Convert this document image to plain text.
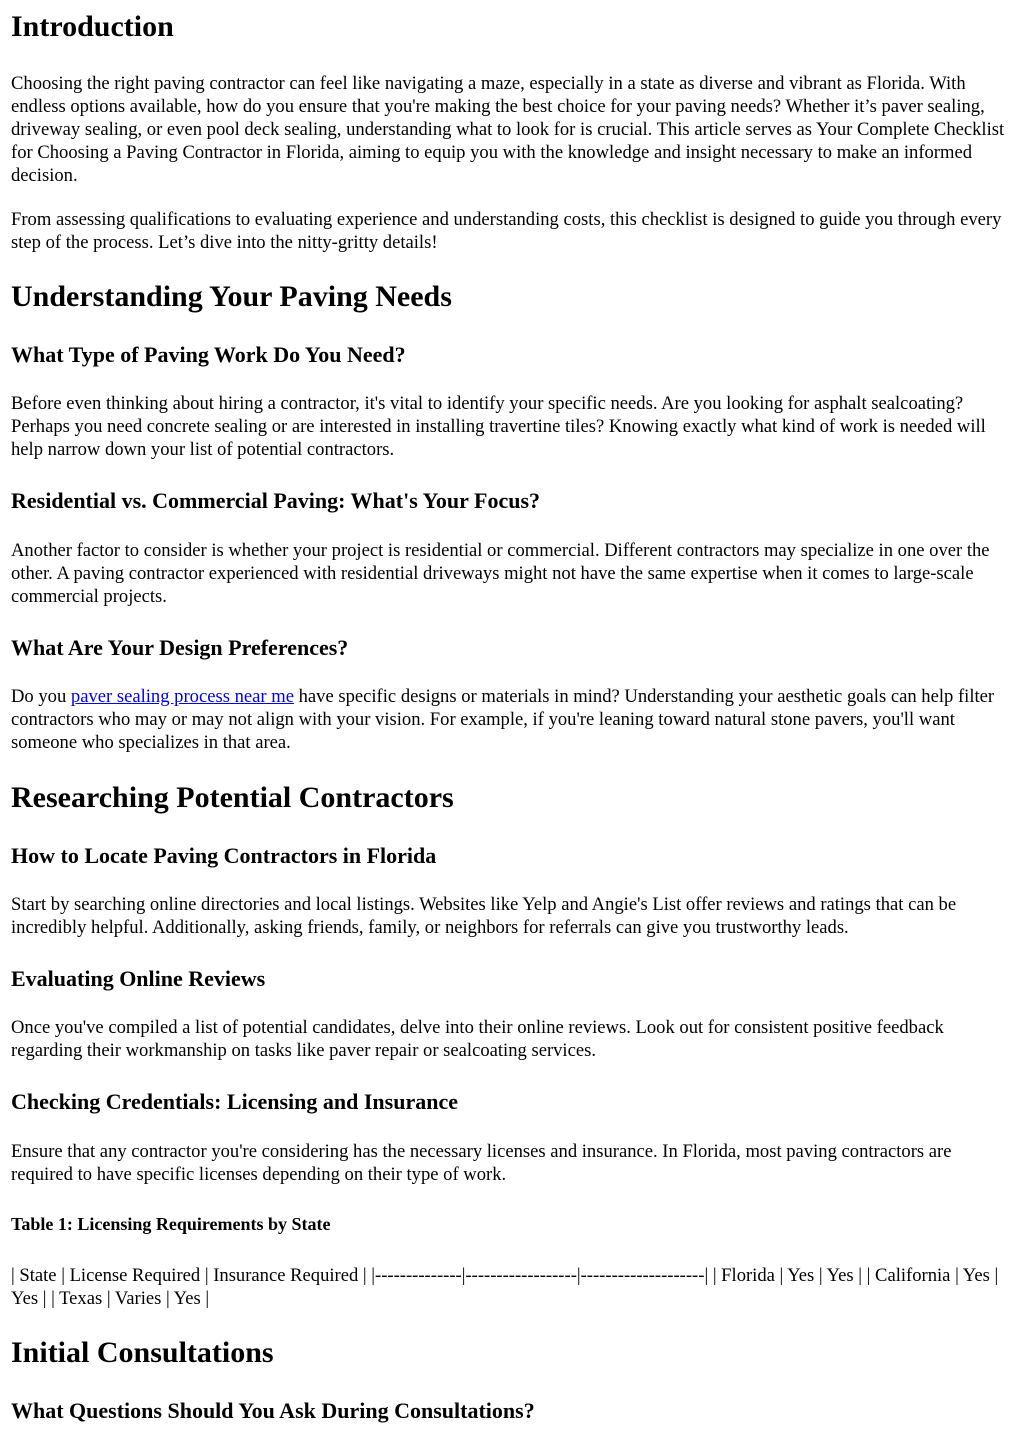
Introduction

Choosing the right paving contractor can feel like navigating a maze, especially in a state as diverse and vibrant as Florida. With endless options available, how do you ensure that you're making the best choice for your paving needs? Whether it’s paver sealing, driveway sealing, or even pool deck sealing, understanding what to look for is crucial. This article serves as Your Complete Checklist for Choosing a Paving Contractor in Florida, aiming to equip you with the knowledge and insight necessary to make an informed decision.

From assessing qualifications to evaluating experience and understanding costs, this checklist is designed to guide you through every step of the process. Let’s dive into the nitty-gritty details!

Understanding Your Paving Needs
What Type of Paving Work Do You Need?

Before even thinking about hiring a contractor, it's vital to identify your specific needs. Are you looking for asphalt sealcoating? Perhaps you need concrete sealing or are interested in installing travertine tiles? Knowing exactly what kind of work is needed will help narrow down your list of potential contractors.

Residential vs. Commercial Paving: What's Your Focus?

Another factor to consider is whether your project is residential or commercial. Different contractors may specialize in one over the other. A paving contractor experienced with residential driveways might not have the same expertise when it comes to large-scale commercial projects.

What Are Your Design Preferences?

Do you paver sealing process near me have specific designs or materials in mind? Understanding your aesthetic goals can help filter contractors who may or may not align with your vision. For example, if you're leaning toward natural stone pavers, you'll want someone who specializes in that area.

Researching Potential Contractors
How to Locate Paving Contractors in Florida

Start by searching online directories and local listings. Websites like Yelp and Angie's List offer reviews and ratings that can be incredibly helpful. Additionally, asking friends, family, or neighbors for referrals can give you trustworthy leads.

Evaluating Online Reviews

Once you've compiled a list of potential candidates, delve into their online reviews. Look out for consistent positive feedback regarding their workmanship on tasks like paver repair or sealcoating services.

Checking Credentials: Licensing and Insurance

Ensure that any contractor you're considering has the necessary licenses and insurance. In Florida, most paving contractors are required to have specific licenses depending on their type of work.

Table 1: Licensing Requirements by State

| State | License Required | Insurance Required | |--------------|------------------|--------------------| | Florida | Yes | Yes | | California | Yes | Yes | | Texas | Varies | Yes |

Initial Consultations
What Questions Should You Ask During Consultations?
